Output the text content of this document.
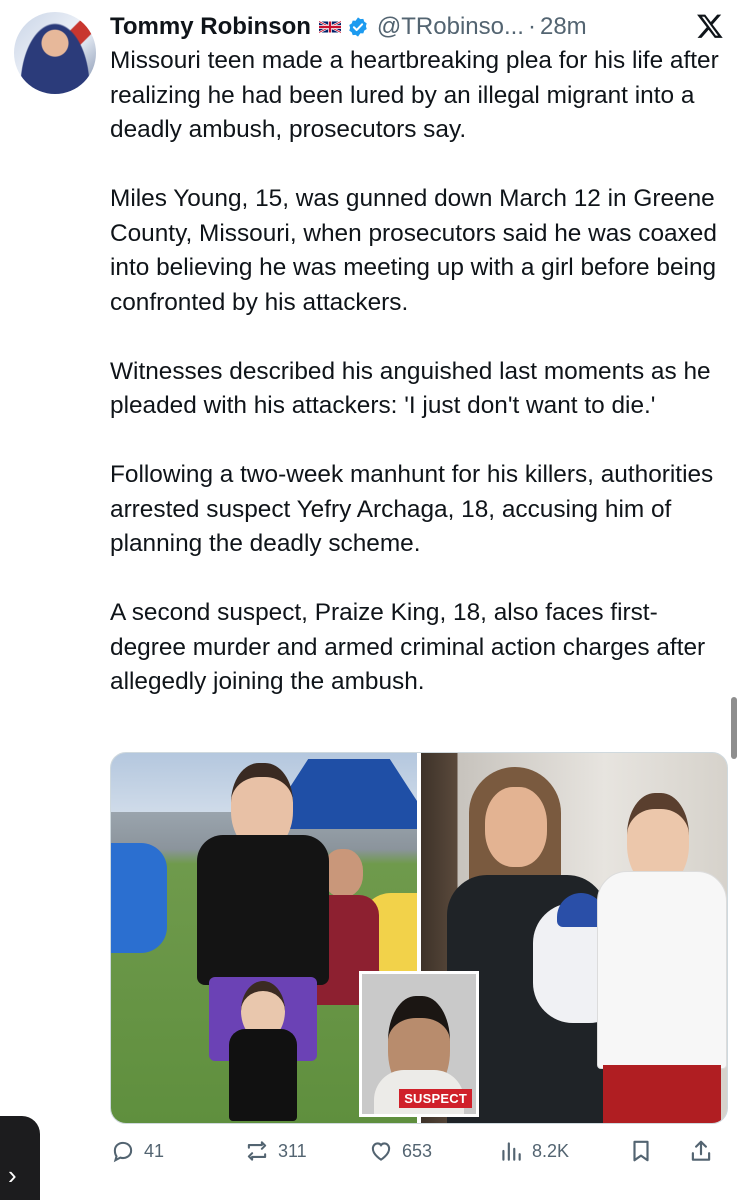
Tommy Robinson	@TRobinso... · 28m

Missouri teen made a heartbreaking plea for his life after realizing he had been lured by an illegal migrant into a deadly ambush, prosecutors say.

Miles Young, 15, was gunned down March 12 in Greene County, Missouri, when prosecutors said he was coaxed into believing he was meeting up with a girl before being confronted by his attackers.

Witnesses described his anguished last moments as he pleaded with his attackers: 'I just don't want to die.'

Following a two-week manhunt for his killers, authorities arrested suspect Yefry Archaga, 18, accusing him of planning the deadly scheme.

A second suspect, Praize King, 18, also faces first-degree murder and armed criminal action charges after allegedly joining the ambush.

SUSPECT
41	311	653	8.2K
›
